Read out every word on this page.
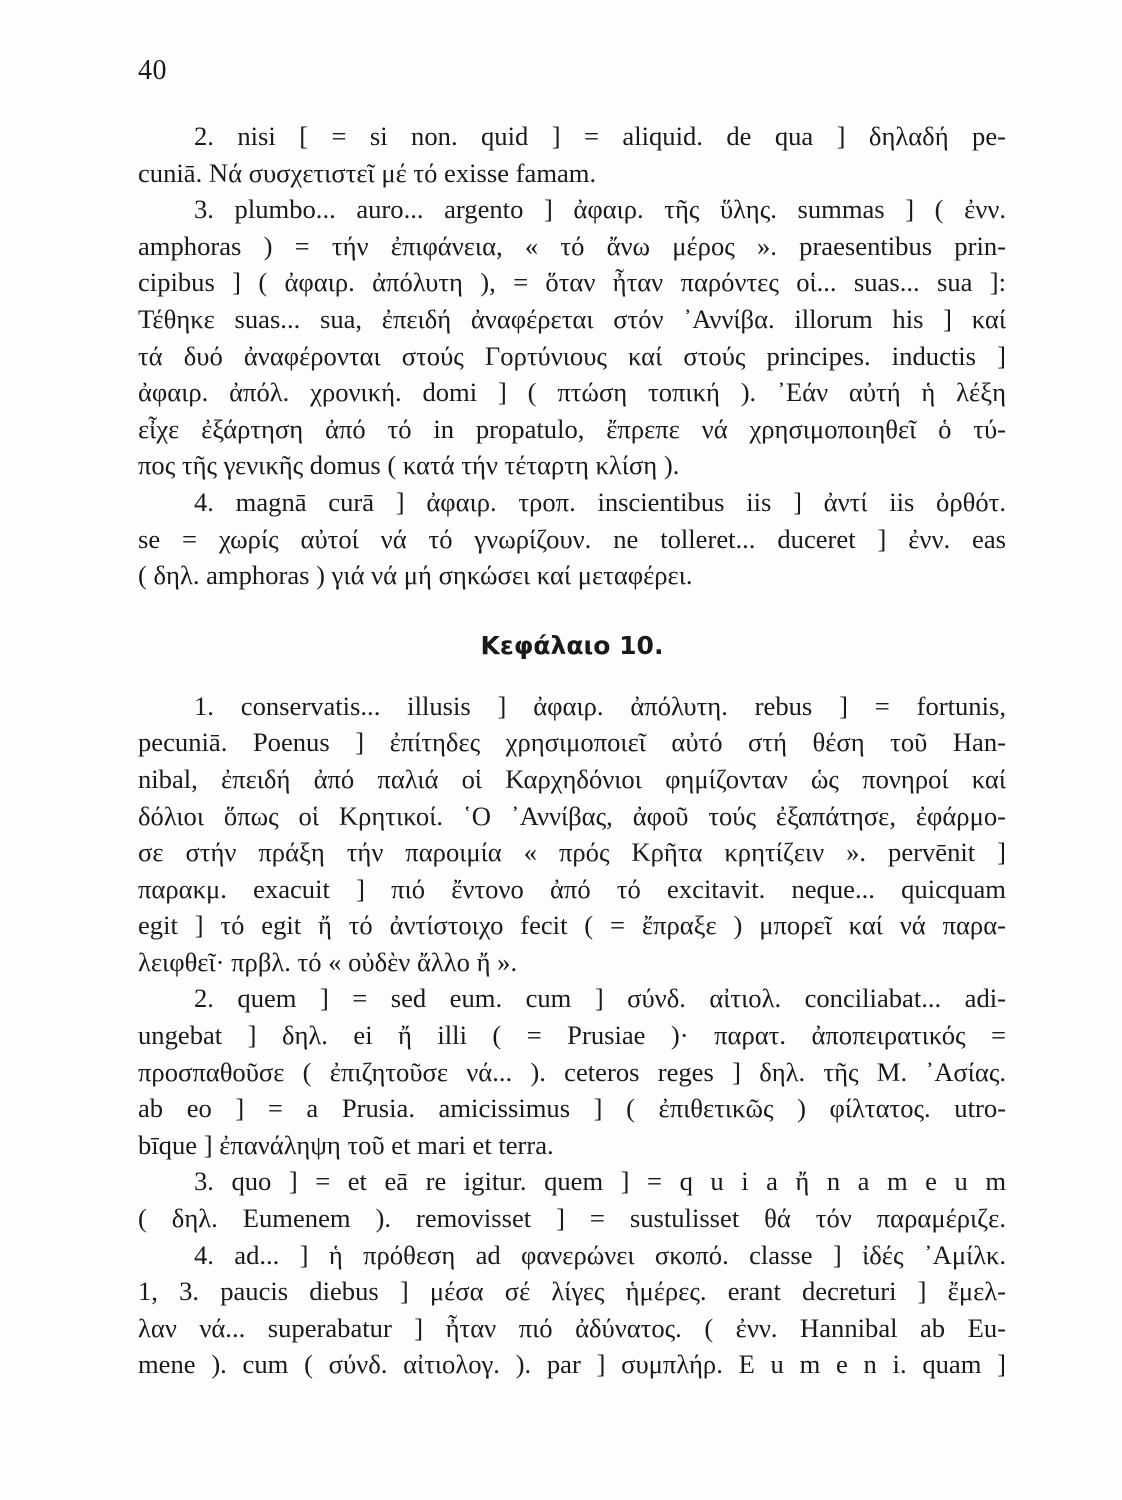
40
2. nisi [ = si non. quid ] = aliquid. de qua ] δηλαδή pe-
cuniā. Νά συσχετιστεῖ μέ τό exisse famam.
3. plumbo... auro... argento ] ἀφαιρ. τῆς ὕλης. summas ] ( ἐνν.
amphoras ) = τήν ἐπιφάνεια, « τό ἄνω μέρος ». praesentibus prin-
cipibus ] ( ἀφαιρ. ἀπόλυτη ), = ὅταν ἦταν παρόντες οἱ... suas... sua ]:
Τέθηκε suas... sua, ἐπειδή ἀναφέρεται στόν ᾿Αννίβα. illorum his ] καί
τά δυό ἀναφέρονται στούς Γορτύνιους καί στούς principes. inductis ]
ἀφαιρ. ἀπόλ. χρονική. domi ] ( πτώση τοπική ). ᾿Εάν αὐτή ἡ λέξη
εἶχε ἐξάρτηση ἀπό τό in propatulo, ἔπρεπε νά χρησιμοποιηθεῖ ὁ τύ-
πος τῆς γενικῆς domus ( κατά τήν τέταρτη κλίση ).
4. magnā curā ] ἀφαιρ. τροπ. inscientibus iis ] ἀντί iis ὀρθότ.
se = χωρίς αὐτοί νά τό γνωρίζουν. ne tolleret... duceret ] ἐνν. eas
( δηλ. amphoras ) γιά νά μή σηκώσει καί μεταφέρει.
Κεφάλαιο 10.
1. conservatis... illusis ] ἀφαιρ. ἀπόλυτη. rebus ] = fortunis,
pecuniā. Poenus ] ἐπίτηδες χρησιμοποιεῖ αὐτό στή θέση τοῦ Han-
nibal, ἐπειδή ἀπό παλιά οἱ Καρχηδόνιοι φημίζονταν ὡς πονηροί καί
δόλιοι ὅπως οἱ Κρητικοί. ῾Ο ᾿Αννίβας, ἀφοῦ τούς ἐξαπάτησε, ἐφάρμο-
σε στήν πράξη τήν παροιμία « πρός Κρῆτα κρητίζειν ». pervēnit ]
παρακμ. exacuit ] πιό ἔντονο ἀπό τό excitavit. neque... quicquam
egit ] τό egit ἤ τό ἀντίστοιχο fecit ( = ἔπραξε ) μπορεῖ καί νά παρα-
λειφθεῖ· πρβλ. τό « οὐδὲν ἄλλο ἤ ».
2. quem ] = sed eum. cum ] σύνδ. αἰτιολ. conciliabat... adi-
ungebat ] δηλ. ei ἤ illi ( = Prusiae )· παρατ. ἀποπειρατικός =
προσπαθοῦσε ( ἐπιζητοῦσε νά... ). ceteros reges ] δηλ. τῆς Μ. ᾿Ασίας.
ab eo ] = a Prusia. amicissimus ] ( ἐπιθετικῶς ) φίλτατος. utro-
bīque ] ἐπανάληψη τοῦ et mari et terra.
3. quo ] = et eā re igitur. quem ] = q u i a ἤ n a m e u m
( δηλ. Eumenem ). removisset ] = sustulisset θά τόν παραμέριζε.
4. ad... ] ἡ πρόθεση ad φανερώνει σκοπό. classe ] ἰδές ᾿Αμίλκ.
1, 3. paucis diebus ] μέσα σέ λίγες ἡμέρες. erant decreturi ] ἔμελ-
λαν νά... superabatur ] ἦταν πιό ἀδύνατος. ( ἐνν. Hannibal ab Eu-
mene ). cum ( σύνδ. αἰτιολογ. ). par ] συμπλήρ. E u m e n i. quam ]
